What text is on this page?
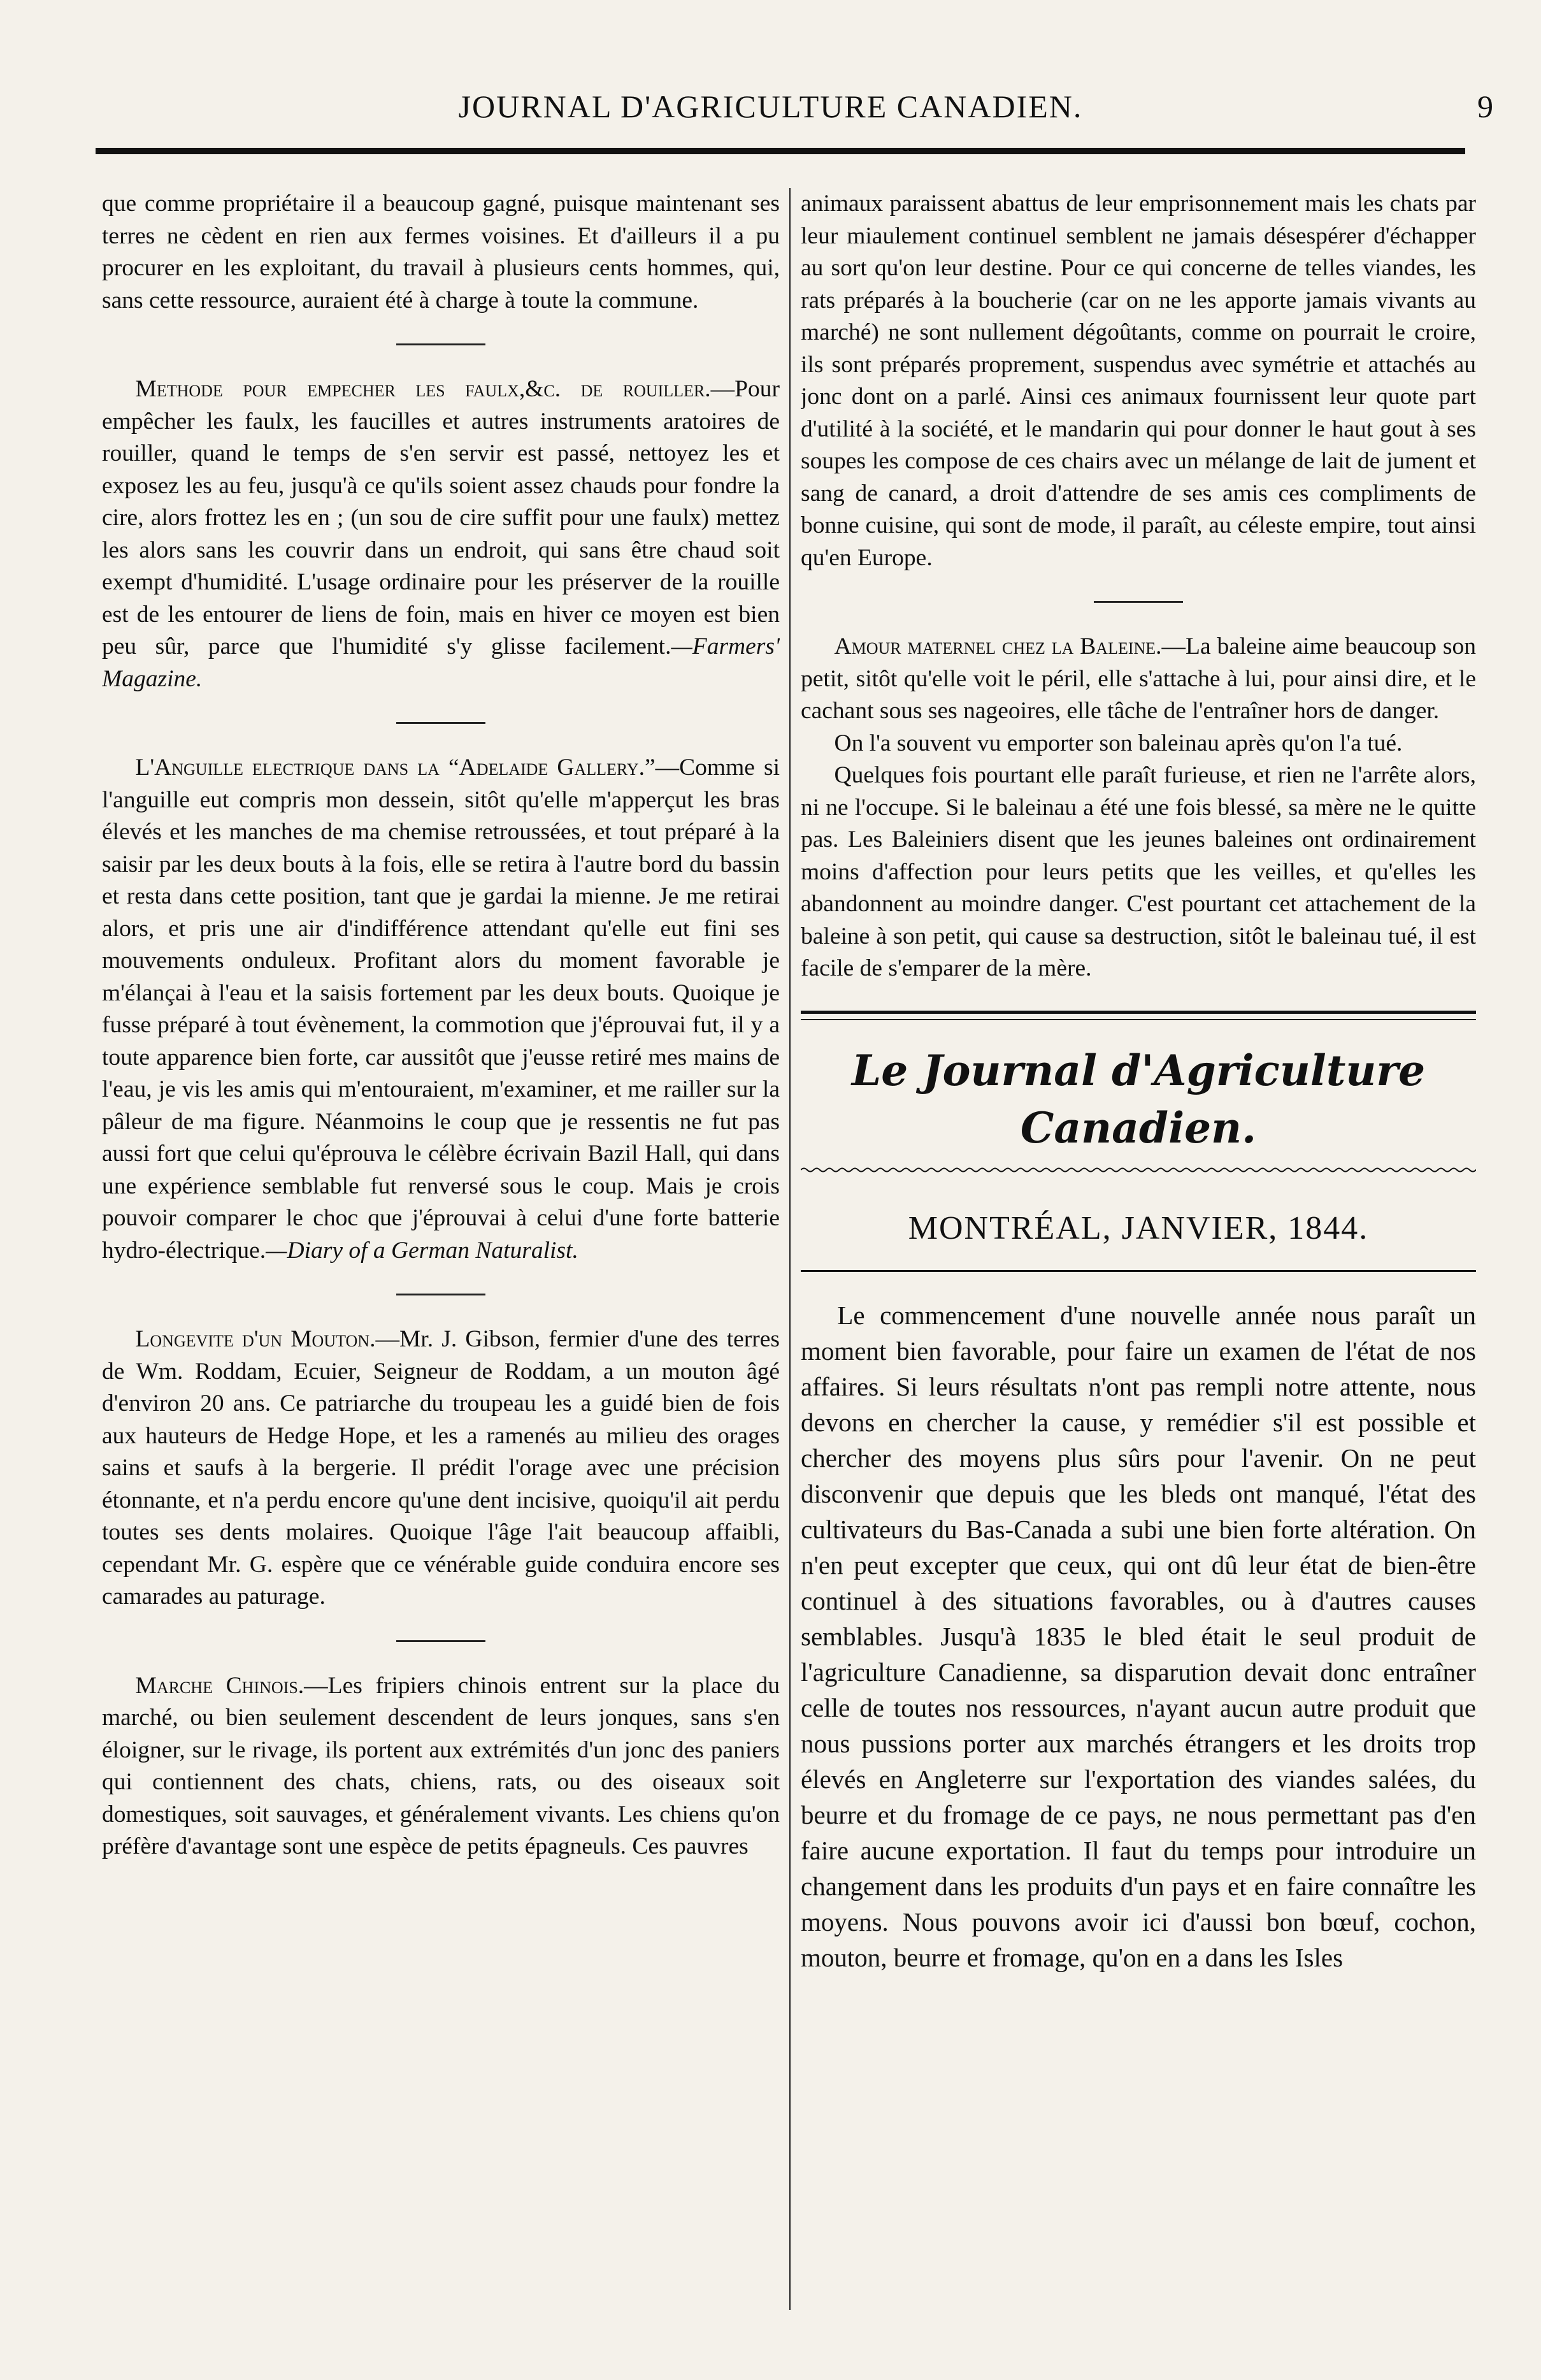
JOURNAL D'AGRICULTURE CANADIEN.	9

que comme propriétaire il a beaucoup gagné, puisque maintenant ses terres ne cèdent en rien aux fermes voisines. Et d'ailleurs il a pu procurer en les exploitant, du travail à plusieurs cents hommes, qui, sans cette ressource, auraient été à charge à toute la commune.

Methode pour empecher les faulx,&c. de rouiller.—Pour empêcher les faulx, les faucilles et autres instruments aratoires de rouiller, quand le temps de s'en servir est passé, nettoyez les et exposez les au feu, jusqu'à ce qu'ils soient assez chauds pour fondre la cire, alors frottez les en ; (un sou de cire suffit pour une faulx) mettez les alors sans les couvrir dans un endroit, qui sans être chaud soit exempt d'humidité. L'usage ordinaire pour les préserver de la rouille est de les entourer de liens de foin, mais en hiver ce moyen est bien peu sûr, parce que l'humidité s'y glisse facilement.—Farmers' Magazine.

L'Anguille electrique dans la “Adelaide Gallery.”—Comme si l'anguille eut compris mon dessein, sitôt qu'elle m'apperçut les bras élevés et les manches de ma chemise retroussées, et tout préparé à la saisir par les deux bouts à la fois, elle se retira à l'autre bord du bassin et resta dans cette position, tant que je gardai la mienne. Je me retirai alors, et pris une air d'indifférence attendant qu'elle eut fini ses mouvements onduleux. Profitant alors du moment favorable je m'élançai à l'eau et la saisis fortement par les deux bouts. Quoique je fusse préparé à tout évènement, la commotion que j'éprouvai fut, il y a toute apparence bien forte, car aussitôt que j'eusse retiré mes mains de l'eau, je vis les amis qui m'entouraient, m'examiner, et me railler sur la pâleur de ma figure. Néanmoins le coup que je ressentis ne fut pas aussi fort que celui qu'éprouva le célèbre écrivain Bazil Hall, qui dans une expérience semblable fut renversé sous le coup. Mais je crois pouvoir comparer le choc que j'éprouvai à celui d'une forte batterie hydro-électrique.—Diary of a German Naturalist.

Longevite d'un Mouton.—Mr. J. Gibson, fermier d'une des terres de Wm. Roddam, Ecuier, Seigneur de Roddam, a un mouton âgé d'environ 20 ans. Ce patriarche du troupeau les a guidé bien de fois aux hauteurs de Hedge Hope, et les a ramenés au milieu des orages sains et saufs à la bergerie. Il prédit l'orage avec une précision étonnante, et n'a perdu encore qu'une dent incisive, quoiqu'il ait perdu toutes ses dents molaires. Quoique l'âge l'ait beaucoup affaibli, cependant Mr. G. espère que ce vénérable guide conduira encore ses camarades au paturage.

Marche Chinois.—Les fripiers chinois entrent sur la place du marché, ou bien seulement descendent de leurs jonques, sans s'en éloigner, sur le rivage, ils portent aux extrémités d'un jonc des paniers qui contiennent des chats, chiens, rats, ou des oiseaux soit domestiques, soit sauvages, et généralement vivants. Les chiens qu'on préfère d'avantage sont une espèce de petits épagneuls. Ces pauvres

animaux paraissent abattus de leur emprisonnement mais les chats par leur miaulement continuel semblent ne jamais désespérer d'échapper au sort qu'on leur destine. Pour ce qui concerne de telles viandes, les rats préparés à la boucherie (car on ne les apporte jamais vivants au marché) ne sont nullement dégoûtants, comme on pourrait le croire, ils sont préparés proprement, suspendus avec symétrie et attachés au jonc dont on a parlé. Ainsi ces animaux fournissent leur quote part d'utilité à la société, et le mandarin qui pour donner le haut gout à ses soupes les compose de ces chairs avec un mélange de lait de jument et sang de canard, a droit d'attendre de ses amis ces compliments de bonne cuisine, qui sont de mode, il paraît, au céleste empire, tout ainsi qu'en Europe.

Amour maternel chez la Baleine.—La baleine aime beaucoup son petit, sitôt qu'elle voit le péril, elle s'attache à lui, pour ainsi dire, et le cachant sous ses nageoires, elle tâche de l'entraîner hors de danger.

On l'a souvent vu emporter son baleinau après qu'on l'a tué.

Quelques fois pourtant elle paraît furieuse, et rien ne l'arrête alors, ni ne l'occupe. Si le baleinau a été une fois blessé, sa mère ne le quitte pas. Les Baleiniers disent que les jeunes baleines ont ordinairement moins d'affection pour leurs petits que les veilles, et qu'elles les abandonnent au moindre danger. C'est pourtant cet attachement de la baleine à son petit, qui cause sa destruction, sitôt le baleinau tué, il est facile de s'emparer de la mère.

Le Journal d'Agriculture Canadien.
MONTRÉAL, JANVIER, 1844.

Le commencement d'une nouvelle année nous paraît un moment bien favorable, pour faire un examen de l'état de nos affaires. Si leurs résultats n'ont pas rempli notre attente, nous devons en chercher la cause, y remédier s'il est possible et chercher des moyens plus sûrs pour l'avenir. On ne peut disconvenir que depuis que les bleds ont manqué, l'état des cultivateurs du Bas-Canada a subi une bien forte altération. On n'en peut excepter que ceux, qui ont dû leur état de bien-être continuel à des situations favorables, ou à d'autres causes semblables. Jusqu'à 1835 le bled était le seul produit de l'agriculture Canadienne, sa disparution devait donc entraîner celle de toutes nos ressources, n'ayant aucun autre produit que nous pussions porter aux marchés étrangers et les droits trop élevés en Angleterre sur l'exportation des viandes salées, du beurre et du fromage de ce pays, ne nous permettant pas d'en faire aucune exportation. Il faut du temps pour introduire un changement dans les produits d'un pays et en faire connaître les moyens. Nous pouvons avoir ici d'aussi bon bœuf, cochon, mouton, beurre et fromage, qu'on en a dans les Isles
